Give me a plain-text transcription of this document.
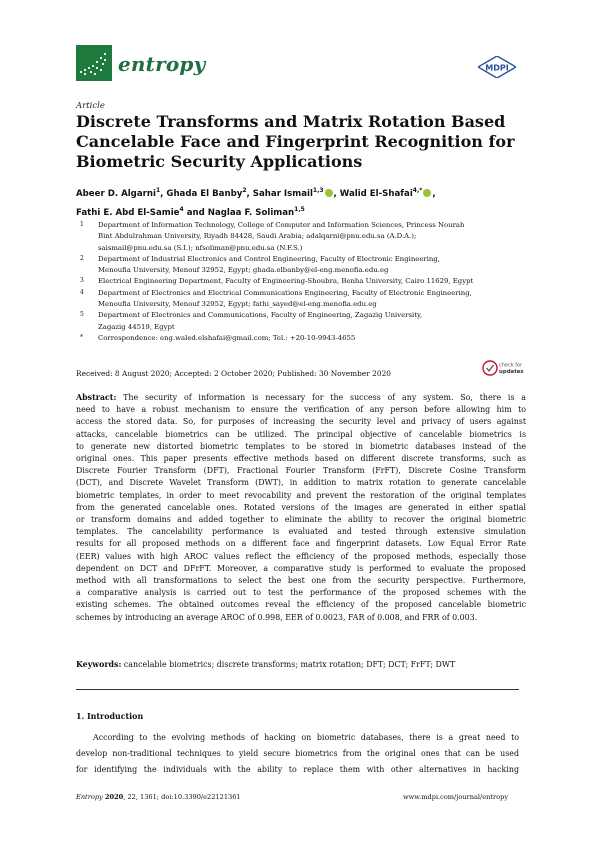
entropy	MDPI
Article
Discrete Transforms and Matrix Rotation Based
Cancelable Face and Fingerprint Recognition for
Biometric Security Applications
Abeer D. Algarni$^1$, Ghada El Banby$^2$, Sahar Ismail$^{1,3}$ , Walid El-Shafai$^{4,*}$ ,
Fathi E. Abd El-Samie$^4$ and Naglaa F. Soliman$^{1,5}$
1 Department of Information Technology, College of Computer and Information Sciences, Princess Nourah
Bint Abdulrahman University, Riyadh 84428, Saudi Arabia; adalqarni@pnu.edu.sa (A.D.A.);
saismail@pnu.edu.sa (S.I.); nfsoliman@pnu.edu.sa (N.F.S.)
2 Department of Industrial Electronics and Control Engineering, Faculty of Electronic Engineering,
Menoufia University, Menouf 32952, Egypt; ghada.elbanby@el-eng.menofia.edu.eg
3 Electrical Engineering Department, Faculty of Engineering-Shoubra, Benha University, Cairo 11629, Egypt
4 Department of Electronics and Electrical Communications Engineering, Faculty of Electronic Engineering,
Menoufia University, Menouf 32952, Egypt; fathi_sayed@el-eng.menofia.edu.eg
5 Department of Electronics and Communications, Faculty of Engineering, Zagazig University,
Zagazig 44519, Egypt
* Correspondence: eng.waled.elshafai@gmail.com; Tel.: +20-10-9943-4655
Received: 8 August 2020; Accepted: 2 October 2020; Published: 30 November 2020
check for
updates
Abstract: The security of information is necessary for the success of any system. So, there is a
need to have a robust mechanism to ensure the verification of any person before allowing him to
access the stored data. So, for purposes of increasing the security level and privacy of users against
attacks, cancelable biometrics can be utilized. The principal objective of cancelable biometrics is
to generate new distorted biometric templates to be stored in biometric databases instead of the
original ones. This paper presents effective methods based on different discrete transforms, such as
Discrete Fourier Transform (DFT), Fractional Fourier Transform (FrFT), Discrete Cosine Transform
(DCT), and Discrete Wavelet Transform (DWT), in addition to matrix rotation to generate cancelable
biometric templates, in order to meet revocability and prevent the restoration of the original templates
from the generated cancelable ones. Rotated versions of the images are generated in either spatial
or transform domains and added together to eliminate the ability to recover the original biometric
templates. The cancelability performance is evaluated and tested through extensive simulation
results for all proposed methods on a different face and fingerprint datasets. Low Equal Error Rate
(EER) values with high AROC values reflect the efficiency of the proposed methods, especially those
dependent on DCT and DFrFT. Moreover, a comparative study is performed to evaluate the proposed
method with all transformations to select the best one from the security perspective. Furthermore,
a comparative analysis is carried out to test the performance of the proposed schemes with the
existing schemes. The obtained outcomes reveal the efficiency of the proposed cancelable biometric
schemes by introducing an average AROC of 0.998, EER of 0.0023, FAR of 0.008, and FRR of 0.003.
Keywords: cancelable biometrics; discrete transforms; matrix rotation; DFT; DCT; FrFT; DWT
1. Introduction
According to the evolving methods of hacking on biometric databases, there is a great need to
develop non-traditional techniques to yield secure biometrics from the original ones that can be used
for identifying the individuals with the ability to replace them with other alternatives in hacking
Entropy 2020, 22, 1361; doi:10.3390/e22121361	www.mdpi.com/journal/entropy
